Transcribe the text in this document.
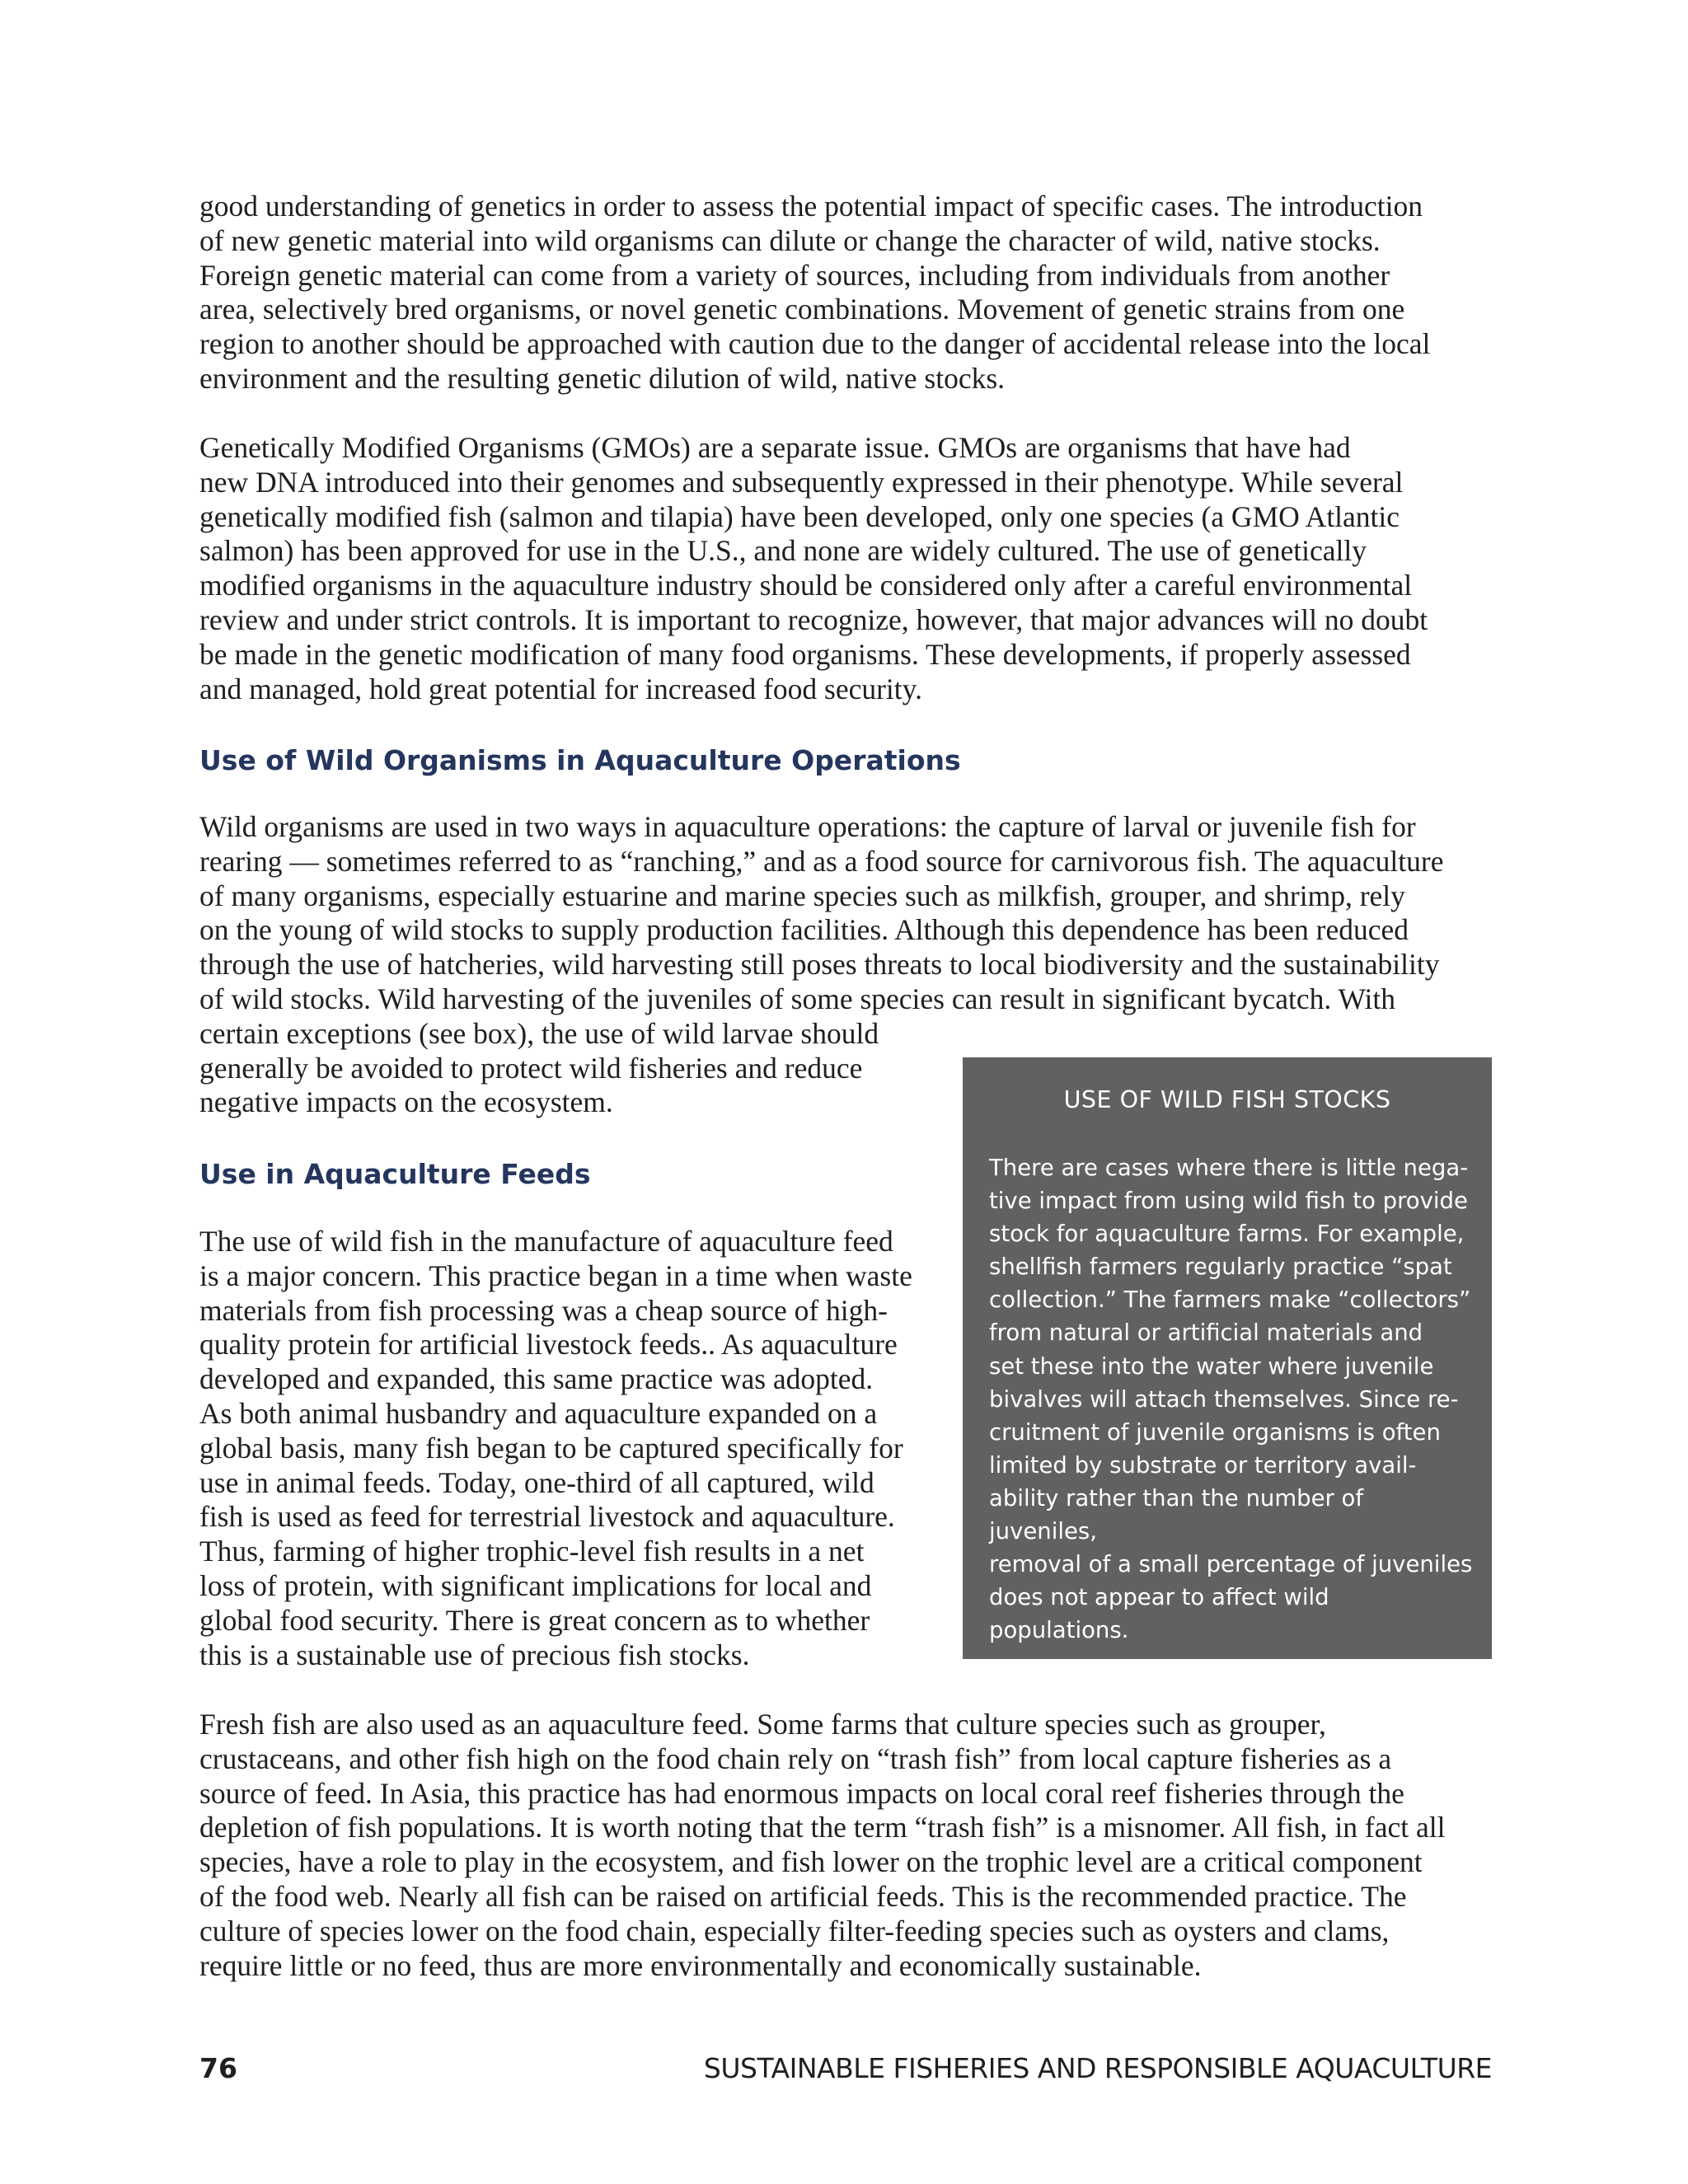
good understanding of genetics in order to assess the potential impact of specific cases. The introduction
of new genetic material into wild organisms can dilute or change the character of wild, native stocks.
Foreign genetic material can come from a variety of sources, including from individuals from another
area, selectively bred organisms, or novel genetic combinations. Movement of genetic strains from one
region to another should be approached with caution due to the danger of accidental release into the local
environment and the resulting genetic dilution of wild, native stocks.

Genetically Modified Organisms (GMOs) are a separate issue. GMOs are organisms that have had
new DNA introduced into their genomes and subsequently expressed in their phenotype. While several
genetically modified fish (salmon and tilapia) have been developed, only one species (a GMO Atlantic
salmon) has been approved for use in the U.S., and none are widely cultured. The use of genetically
modified organisms in the aquaculture industry should be considered only after a careful environmental
review and under strict controls. It is important to recognize, however, that major advances will no doubt
be made in the genetic modification of many food organisms. These developments, if properly assessed
and managed, hold great potential for increased food security.

Use of Wild Organisms in Aquaculture Operations

Wild organisms are used in two ways in aquaculture operations: the capture of larval or juvenile fish for
rearing — sometimes referred to as “ranching,” and as a food source for carnivorous fish. The aquaculture
of many organisms, especially estuarine and marine species such as milkfish, grouper, and shrimp, rely
on the young of wild stocks to supply production facilities. Although this dependence has been reduced
through the use of hatcheries, wild harvesting still poses threats to local biodiversity and the sustainability
of wild stocks. Wild harvesting of the juveniles of some species can result in significant bycatch. With
certain exceptions (see box), the use of wild larvae should
generally be avoided to protect wild fisheries and reduce
negative impacts on the ecosystem.

Use in Aquaculture Feeds

The use of wild fish in the manufacture of aquaculture feed
is a major concern. This practice began in a time when waste
materials from fish processing was a cheap source of high-
quality protein for artificial livestock feeds.. As aquaculture
developed and expanded, this same practice was adopted.
As both animal husbandry and aquaculture expanded on a
global basis, many fish began to be captured specifically for
use in animal feeds. Today, one-third of all captured, wild
fish is used as feed for terrestrial livestock and aquaculture.
Thus, farming of higher trophic-level fish results in a net
loss of protein, with significant implications for local and
global food security. There is great concern as to whether
this is a sustainable use of precious fish stocks.

USE OF WILD FISH STOCKS
There are cases where there is little nega-
tive impact from using wild fish to provide
stock for aquaculture farms. For example,
shellfish farmers regularly practice “spat
collection.” The farmers make “collectors”
from natural or artificial materials and
set these into the water where juvenile
bivalves will attach themselves. Since re-
cruitment of juvenile organisms is often
limited by substrate or territory avail-
ability rather than the number of juveniles,
removal of a small percentage of juveniles
does not appear to affect wild populations.

Fresh fish are also used as an aquaculture feed. Some farms that culture species such as grouper,
crustaceans, and other fish high on the food chain rely on “trash fish” from local capture fisheries as a
source of feed. In Asia, this practice has had enormous impacts on local coral reef fisheries through the
depletion of fish populations. It is worth noting that the term “trash fish” is a misnomer. All fish, in fact all
species, have a role to play in the ecosystem, and fish lower on the trophic level are a critical component
of the food web. Nearly all fish can be raised on artificial feeds. This is the recommended practice. The
culture of species lower on the food chain, especially filter-feeding species such as oysters and clams,
require little or no feed, thus are more environmentally and economically sustainable.

76	SUSTAINABLE FISHERIES AND RESPONSIBLE AQUACULTURE
